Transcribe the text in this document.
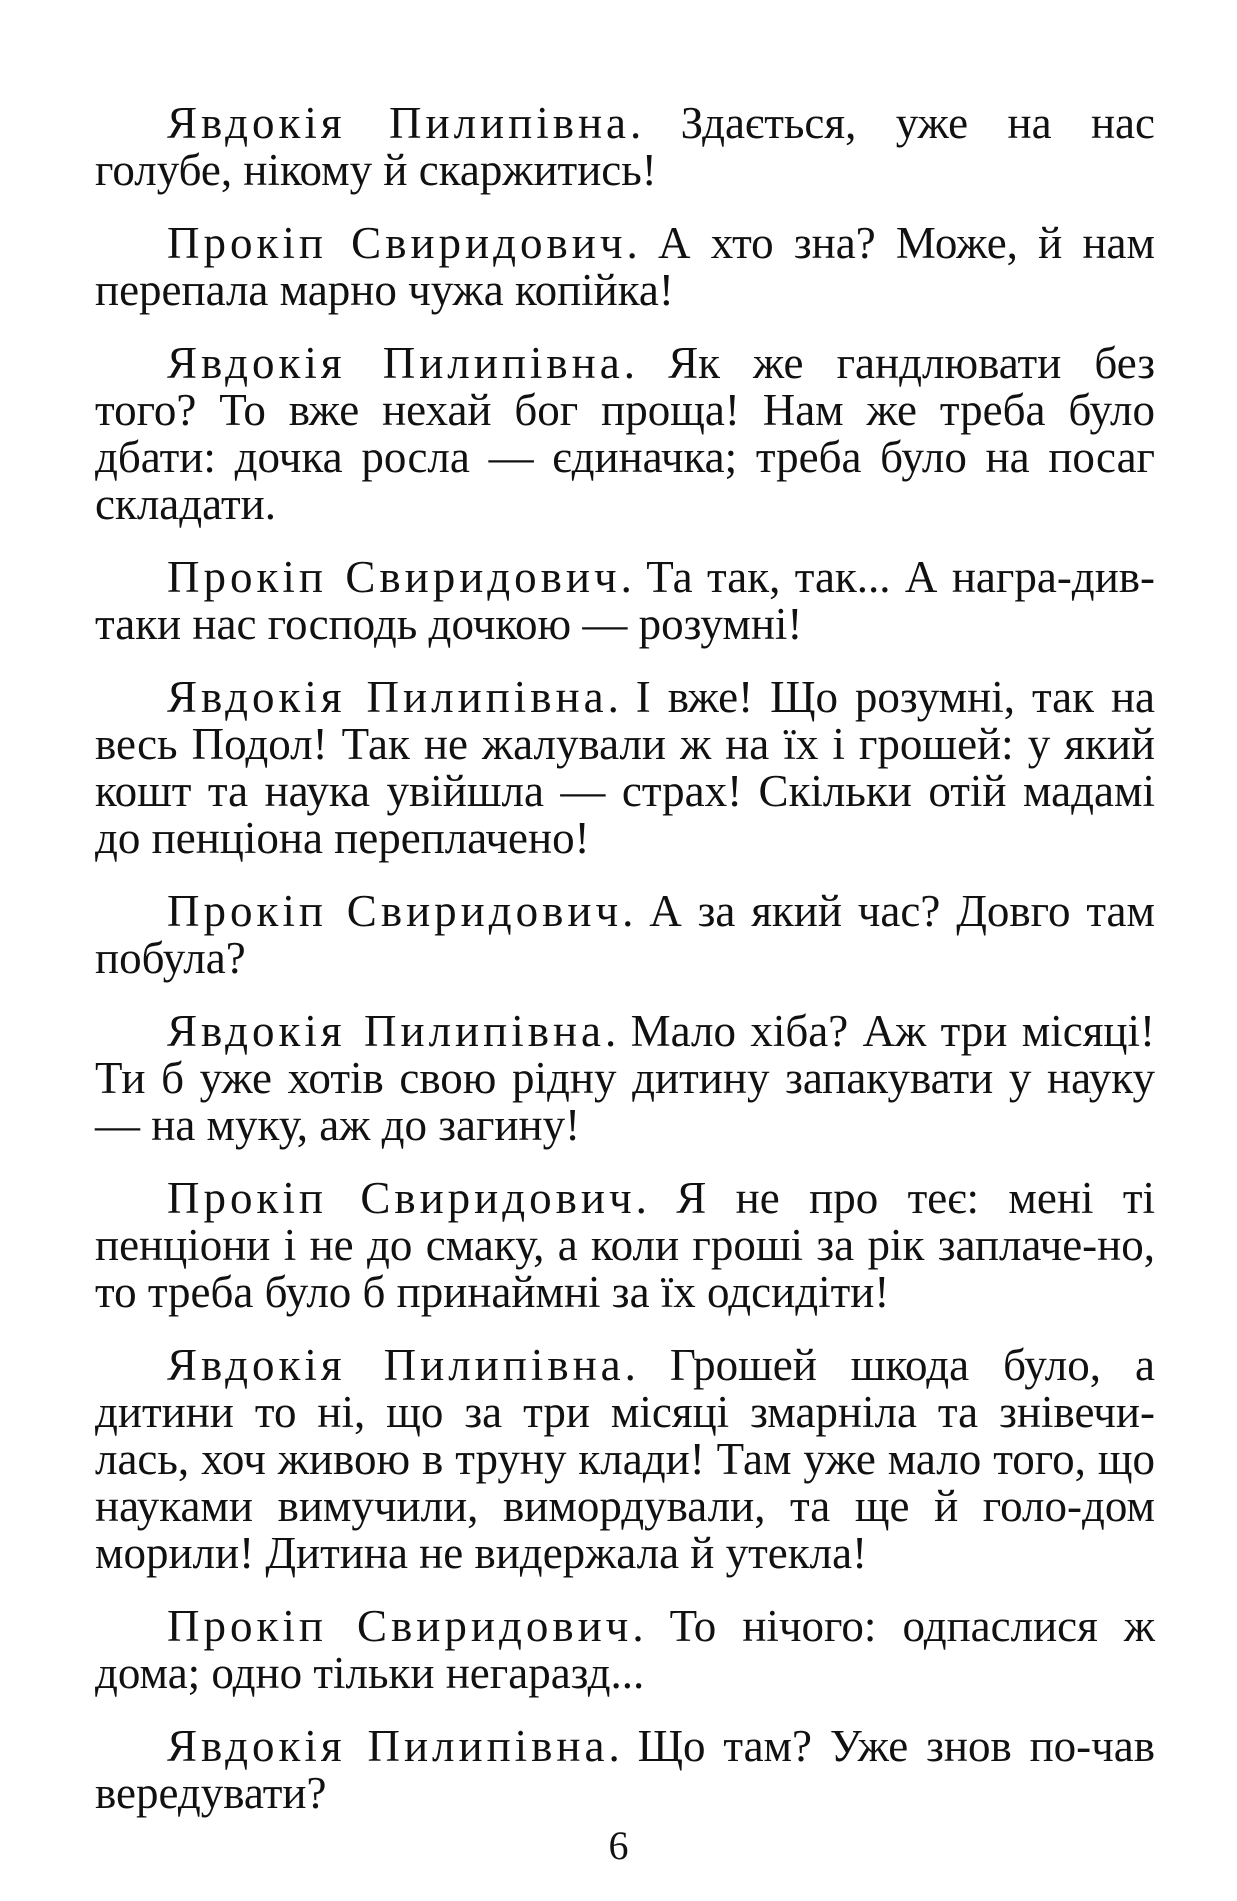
Явдокія Пилипівна. Здається, уже на нас голубе, нікому й скаржитись!

Прокіп Свиридович. А хто зна? Може, й нам перепала марно чужа копійка!

Явдокія Пилипівна. Як же гандлювати без того? То вже нехай бог проща! Нам же треба було дбати: дочка росла — єдиначка; треба було на посаг складати.

Прокіп Свиридович. Та так, так... А награ-див-таки нас господь дочкою — розумні!

Явдокія Пилипівна. І вже! Що розумні, так на весь Подол! Так не жалували ж на їх і грошей: у який кошт та наука увійшла — страх! Скільки отій мадамі до пенціона переплачено!

Прокіп Свиридович. А за який час? Довго там побула?

Явдокія Пилипівна. Мало хіба? Аж три місяці! Ти б уже хотів свою рідну дитину запакувати у науку — на муку, аж до загину!

Прокіп Свиридович. Я не про теє: мені ті пенціони і не до смаку, а коли гроші за рік заплаче-но, то треба було б принаймні за їх одсидіти!

Явдокія Пилипівна. Грошей шкода було, а дитини то ні, що за три місяці змарніла та знівечи-лась, хоч живою в труну клади! Там уже мало того, що науками вимучили, вимордували, та ще й голо-дом морили! Дитина не видержала й утекла!

Прокіп Свиридович. То нічого: одпаслися ж дома; одно тільки негаразд...

Явдокія Пилипівна. Що там? Уже знов по-чав вередувати?

6
